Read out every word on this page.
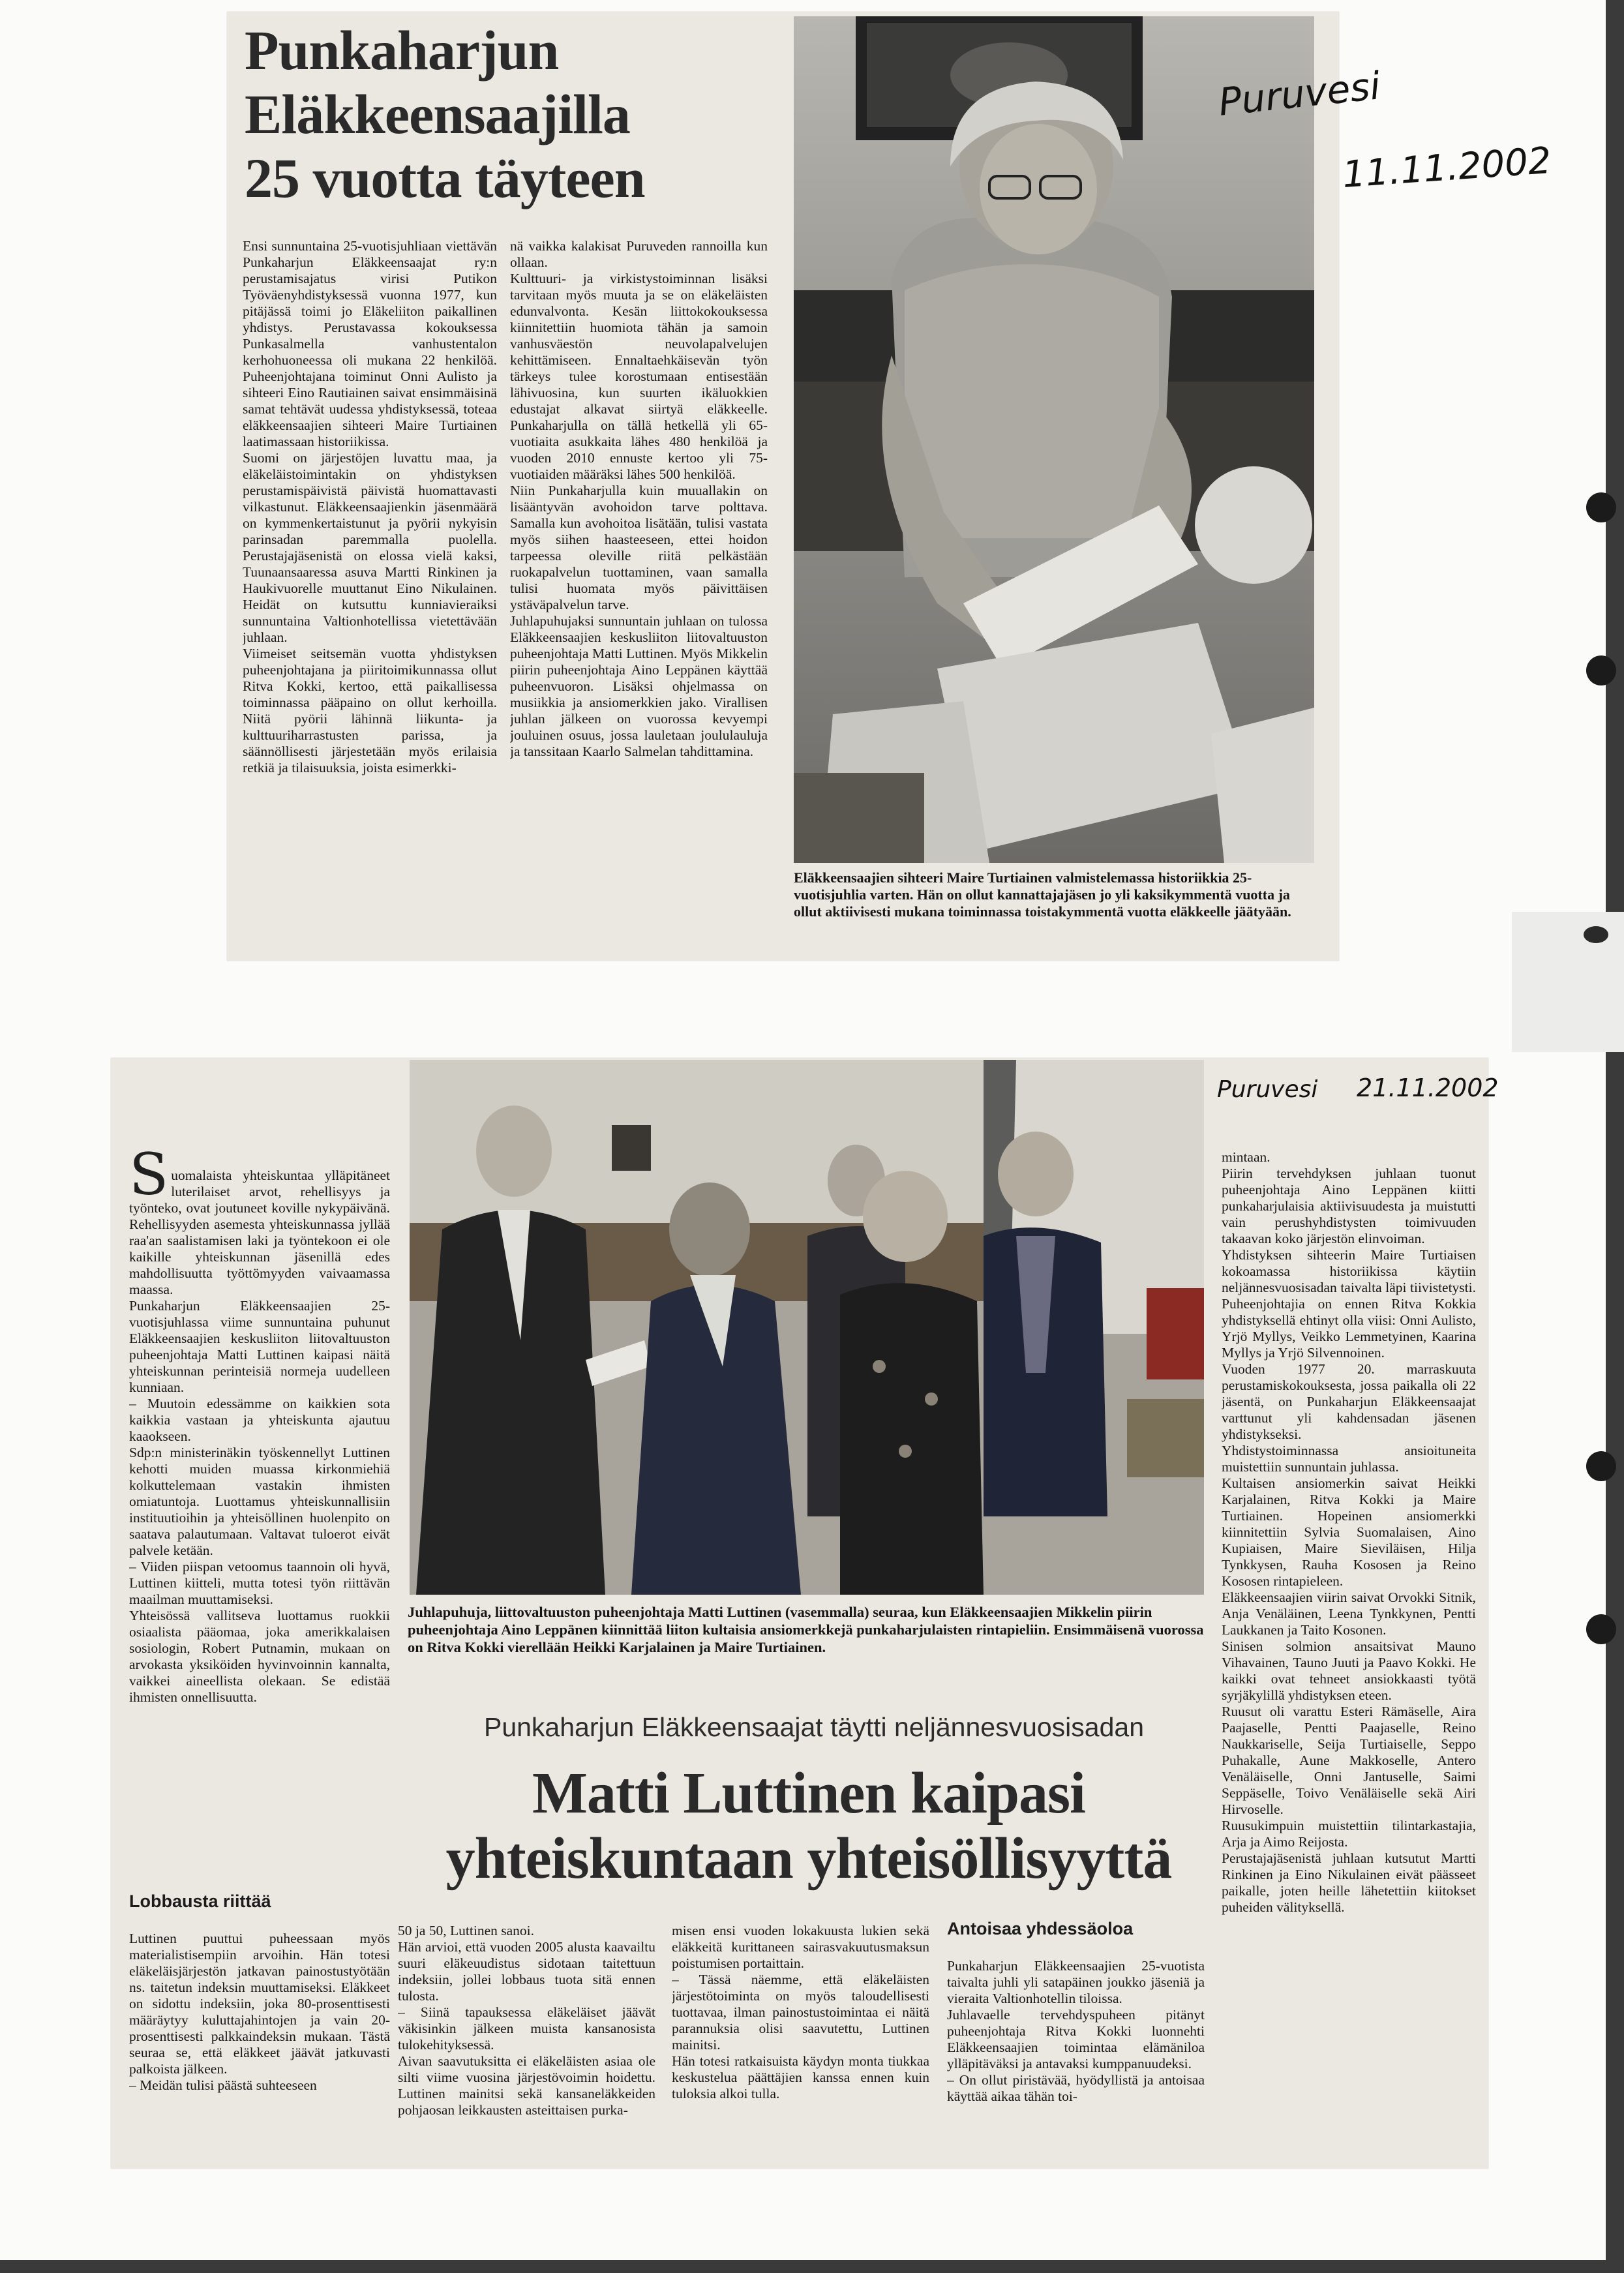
Punkaharjun
Eläkkeensaajilla
25 vuotta täyteen
Ensi sunnuntaina 25-vuotisjuhliaan viettävän Punkaharjun Eläkkeensaajat ry:n perustamisajatus virisi Putikon Työväenyhdistyksessä vuonna 1977, kun pitäjässä toimi jo Eläkeliiton paikallinen yhdistys. Perustavassa kokouksessa Punkasalmella vanhustentalon kerhohuoneessa oli mukana 22 henkilöä. Puheenjohtajana toiminut Onni Aulisto ja sihteeri Eino Rautiainen saivat ensimmäisinä samat tehtävät uudessa yhdistyksessä, toteaa eläkkeensaajien sihteeri Maire Turtiainen laatimassaan historiikissa.
Suomi on järjestöjen luvattu maa, ja eläkeläistoimintakin on yhdistyksen perustamispäivistä päivistä huomattavasti vilkastunut. Eläkkeensaajienkin jäsenmäärä on kymmenkertaistunut ja pyörii nykyisin parinsadan paremmalla puolella. Perustajajäsenistä on elossa vielä kaksi, Tuunaansaaressa asuva Martti Rinkinen ja Haukivuorelle muuttanut Eino Nikulainen. Heidät on kutsuttu kunniavieraiksi sunnuntaina Valtionhotellissa vietettävään juhlaan.
Viimeiset seitsemän vuotta yhdistyksen puheenjohtajana ja piiritoimikunnassa ollut Ritva Kokki, kertoo, että paikallisessa toiminnassa pääpaino on ollut kerhoilla. Niitä pyörii lähinnä liikunta- ja kulttuuriharrastusten parissa, ja säännöllisesti järjestetään myös erilaisia retkiä ja tilaisuuksia, joista esimerkki-
nä vaikka kalakisat Puruveden rannoilla kun ollaan.
Kulttuuri- ja virkistystoiminnan lisäksi tarvitaan myös muuta ja se on eläkeläisten edunvalvonta. Kesän liittokokouksessa kiinnitettiin huomiota tähän ja samoin vanhusväestön neuvolapalvelujen kehittämiseen. Ennaltaehkäisevän työn tärkeys tulee korostumaan entisestään lähivuosina, kun suurten ikäluokkien edustajat alkavat siirtyä eläkkeelle. Punkaharjulla on tällä hetkellä yli 65-vuotiaita asukkaita lähes 480 henkilöä ja vuoden 2010 ennuste kertoo yli 75-vuotiaiden määräksi lähes 500 henkilöä.
Niin Punkaharjulla kuin muuallakin on lisääntyvän avohoidon tarve polttava. Samalla kun avohoitoa lisätään, tulisi vastata myös siihen haasteeseen, ettei hoidon tarpeessa oleville riitä pelkästään ruokapalvelun tuottaminen, vaan samalla tulisi huomata myös päivittäisen ystäväpalvelun tarve.
Juhlapuhujaksi sunnuntain juhlaan on tulossa Eläkkeensaajien keskusliiton liitovaltuuston puheenjohtaja Matti Luttinen. Myös Mikkelin piirin puheenjohtaja Aino Leppänen käyttää puheenvuoron. Lisäksi ohjelmassa on musiikkia ja ansiomerkkien jako. Virallisen juhlan jälkeen on vuorossa kevyempi jouluinen osuus, jossa lauletaan joululauluja ja tanssitaan Kaarlo Salmelan tahdittamina.
Eläkkeensaajien sihteeri Maire Turtiainen valmistelemassa historiikkia 25-vuotisjuhlia varten. Hän on ollut kannattajajäsen jo yli kaksikymmentä vuotta ja ollut aktiivisesti mukana toiminnassa toistakymmentä vuotta eläkkeelle jäätyään.
Puruvesi
11.11.2002
Juhlapuhuja, liittovaltuuston puheenjohtaja Matti Luttinen (vasemmalla) seuraa, kun Eläkkeensaajien Mikkelin piirin puheenjohtaja Aino Leppänen kiinnittää liiton kultaisia ansiomerkkejä punkaharjulaisten rintapieliin. Ensimmäisenä vuorossa on Ritva Kokki vierellään Heikki Karjalainen ja Maire Turtiainen.
Puruvesi 21.11.2002

S uomalaista yhteiskuntaa ylläpitäneet luterilaiset arvot, rehellisyys ja työnteko, ovat joutuneet koville nykypäivänä. Rehellisyyden asemesta yhteiskunnassa jyllää raa'an saalistamisen laki ja työntekoon ei ole kaikille yhteiskunnan jäsenillä edes mahdollisuutta työttömyyden vaivaamassa maassa.
Punkaharjun Eläkkeensaajien 25-vuotisjuhlassa viime sunnuntaina puhunut Eläkkeensaajien keskusliiton liitovaltuuston puheenjohtaja Matti Luttinen kaipasi näitä yhteiskunnan perinteisiä normeja uudelleen kunniaan.
– Muutoin edessämme on kaikkien sota kaikkia vastaan ja yhteiskunta ajautuu kaaokseen.
Sdp:n ministerinäkin työskennellyt Luttinen kehotti muiden muassa kirkonmiehiä kolkuttelemaan vastakin ihmisten omiatuntoja. Luottamus yhteiskunnallisiin instituutioihin ja yhteisöllinen huolenpito on saatava palautumaan. Valtavat tuloerot eivät palvele ketään.
– Viiden piispan vetoomus taannoin oli hyvä, Luttinen kiitteli, mutta totesi työn riittävän maailman muuttamiseksi.
Yhteisössä vallitseva luottamus ruokkii osiaalista pääomaa, joka amerikkalaisen sosiologin, Robert Putnamin, mukaan on arvokasta yksiköiden hyvinvoinnin kannalta, vaikkei aineellista olekaan. Se edistää ihmisten onnellisuutta.

Lobbausta riittää
Luttinen puuttui puheessaan myös materialistisempiin arvoihin. Hän totesi eläkeläisjärjestön jatkavan painostustyötään ns. taitetun indeksin muuttamiseksi. Eläkkeet on sidottu indeksiin, joka 80-prosenttisesti määräytyy kuluttajahintojen ja vain 20-prosenttisesti palkkaindeksin mukaan. Tästä seuraa se, että eläkkeet jäävät jatkuvasti palkoista jälkeen.
– Meidän tulisi päästä suhteeseen
Punkaharjun Eläkkeensaajat täytti neljännesvuosisadan
Matti Luttinen kaipasi
yhteiskuntaan yhteisöllisyyttä
50 ja 50, Luttinen sanoi.
Hän arvioi, että vuoden 2005 alusta kaavailtu suuri eläkeuudistus sidotaan taitettuun indeksiin, jollei lobbaus tuota sitä ennen tulosta.
– Siinä tapauksessa eläkeläiset jäävät väkisinkin jälkeen muista kansanosista tulokehityksessä.
Aivan saavutuksitta ei eläkeläisten asiaa ole silti viime vuosina järjestövoimin hoidettu. Luttinen mainitsi sekä kansaneläkkeiden pohjaosan leikkausten asteittaisen purka-
misen ensi vuoden lokakuusta lukien sekä eläkkeitä kurittaneen sairasvakuutusmaksun poistumisen portaittain.
– Tässä näemme, että eläkeläisten järjestötoiminta on myös taloudellisesti tuottavaa, ilman painostustoimintaa ei näitä parannuksia olisi saavutettu, Luttinen mainitsi.
Hän totesi ratkaisuista käydyn monta tiukkaa keskustelua päättäjien kanssa ennen kuin tuloksia alkoi tulla.
Antoisaa yhdessäoloa
Punkaharjun Eläkkeensaajien 25-vuotista taivalta juhli yli satapäinen joukko jäseniä ja vieraita Valtionhotellin tiloissa.
Juhlavaelle tervehdyspuheen pitänyt puheenjohtaja Ritva Kokki luonnehti Eläkkeensaajien toimintaa elämäniloa ylläpitäväksi ja antavaksi kumppanuudeksi.
– On ollut piristävää, hyödyllistä ja antoisaa käyttää aikaa tähän toi-
mintaan.
Piirin tervehdyksen juhlaan tuonut puheenjohtaja Aino Leppänen kiitti punkaharjulaisia aktiivisuudesta ja muistutti vain perushyhdistysten toimivuuden takaavan koko järjestön elinvoiman.
Yhdistyksen sihteerin Maire Turtiaisen kokoamassa historiikissa käytiin neljännesvuosisadan taivalta läpi tiivistetysti. Puheenjohtajia on ennen Ritva Kokkia yhdistyksellä ehtinyt olla viisi: Onni Aulisto, Yrjö Myllys, Veikko Lemmetyinen, Kaarina Myllys ja Yrjö Silvennoinen.
Vuoden 1977 20. marraskuuta perustamiskokouksesta, jossa paikalla oli 22 jäsentä, on Punkaharjun Eläkkeensaajat varttunut yli kahdensadan jäsenen yhdistykseksi.
Yhdistystoiminnassa ansioituneita muistettiin sunnuntain juhlassa.
Kultaisen ansiomerkin saivat Heikki Karjalainen, Ritva Kokki ja Maire Turtiainen. Hopeinen ansiomerkki kiinnitettiin Sylvia Suomalaisen, Aino Kupiaisen, Maire Sieviläisen, Hilja Tynkkysen, Rauha Kososen ja Reino Kososen rintapieleen.
Eläkkeensaajien viirin saivat Orvokki Sitnik, Anja Venäläinen, Leena Tynkkynen, Pentti Laukkanen ja Taito Kosonen.
Sinisen solmion ansaitsivat Mauno Vihavainen, Tauno Juuti ja Paavo Kokki. He kaikki ovat tehneet ansiokkaasti työtä syrjäkylillä yhdistyksen eteen.
Ruusut oli varattu Esteri Rämäselle, Aira Paajaselle, Pentti Paajaselle, Reino Naukkariselle, Seija Turtiaiselle, Seppo Puhakalle, Aune Makkoselle, Antero Venäläiselle, Onni Jantuselle, Saimi Seppäselle, Toivo Venäläiselle sekä Airi Hirvoselle.
Ruusukimpuin muistettiin tilintarkastajia, Arja ja Aimo Reijosta.
Perustajajäsenistä juhlaan kutsutut Martti Rinkinen ja Eino Nikulainen eivät päässeet paikalle, joten heille lähetettiin kiitokset puheiden välityksellä.
